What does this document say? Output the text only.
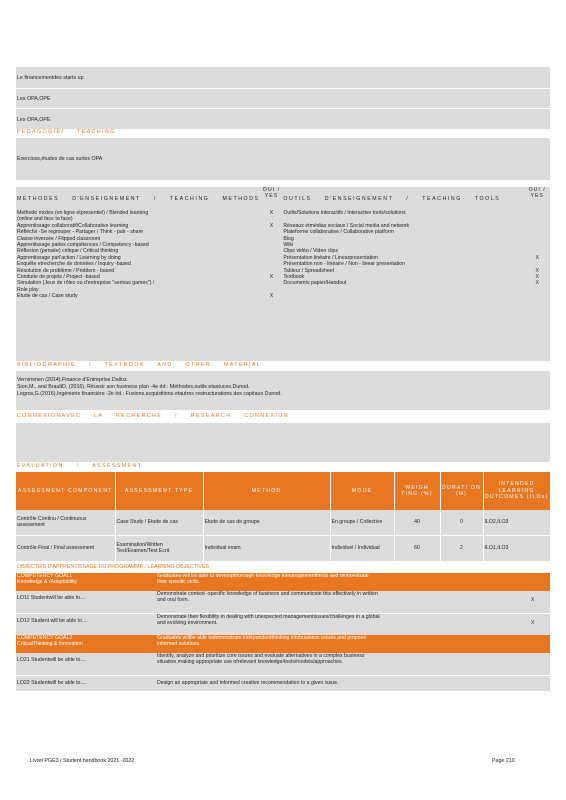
Le financementdes starts up
Les OPA,OPE
Les OPA,OPE
PEDAGOGIE/ TEACHING
Exercices,études de cas surles OPA
METHODES D'ENSEIGNEMENT / TEACHING METHODS	OUI / YES	OUTILS D'ENSEIGNEMENT / TEACHING TOOLS	OUI / YES
Methode mixtes (en ligne etpresentiel) / Blended learning
(online and face to face)	X	Outils/Solutions interactifs / Interactive tools/solutions	
Apprentissage collaboratif/Collaborative learning	X	Réseaux etmédias sociaux / Social media and network	
Réfléchir -Se regrouper - Partager / Think - pair - share		Plateforme collaborative / Collaborative platform	
Classe inversée / Flipped classroom		Blog	
Apprentissage parles compétences / Competency -based		Wiki	
Réflexion (pensée) critique / Critical thinking		Clips vidéo / Video clips	
Apprentissage parl'action / Learning by doing		Présentation linéaire / Linearpresentation	X
Enquête etrecherche de données / Inquiry -based		Présentation non - linéaire / Non - linear presentation	
Résolution de problème / Problem - based		Tableur / Spreadsheet	X
Conduite de projets / Project -based	X	Textbook	X
Simulation (Jeux de rôles ou d'entreprise "serious games") /
Role play		Documents papier/Handout	X
Etude de cas / Case study	X		
BIBLIOGRAPHIE / TEXTBOOK AND OTHER MATERIAL
Vernimmen (2014).Finance d'Entreprise.Dalloz.
Sion,M., and BraultD, (2016). Réussir son business plan -4e éd.: Méthodes,outils etastuces.Dunod.
Legros,G.(2016).Ingénierie financière -2e éd.: Fusions,acquisitions etautres restructurations des capitaux.Dunod.
CONNEXIONAVEC LA RECHERCHE / RESEARCH CONNEXION
EVALUATION / ASSESSMENT
ASSESSMENT COMPONENT	ASSESSMENT TYPE	METHOD	MODE	WEIGH TING (%)	DURATI ON (H)	INTENDED LEARNING OUTCOMES (ILOs)
Contrôle Continu / Continuous assessment	Case Study / Etude de cas	Etude de cas de groupe	En groupe / Collective	40	0	ILO2,ILO3
Contrôle Final / Final assessment	Examination/Written Test/Examen/Test Ecrit	Individual exam	Individuel / Individual	60	2	ILO1,ILO3
OBJECTIFS D'APPRENTISSAGE DU PROGRAMME / LEARNING OBJECTIVES
COMPETENCY GOAL1
Knowledge & /Adaptability	Graduates will be able to developthorough knowledge inmanagementfields and demonstrate
their specific skills.	
LO11 Studentwill be able to....	Demonstrate context -specific knowledge of business and communicate this effectively in written
and oral form.	X
LO12 Student will be able to....	Demonstrate their flexibility in dealing with unexpected managementissues/challenges in a global
and evolving environment.	X
COMPETENCY GOAL2
CriticalThinking & Innovation	Graduates willbe able todemonstrate independentthinking intobusiness issues and propose
informed solutions.	
LO21 Studentwill be able to....	Identify, analyze and prioritize core issues and evaluate alternatives in a complex business
situation,making appropriate use ofrelevant knowledge/tools/models/approaches.	
LO22 Studentwill be able to....	Design an appropriate and informed creative recommendation to a given issue.	
Livret PGE3 / Student handbook 2021 -2022	Page 210
